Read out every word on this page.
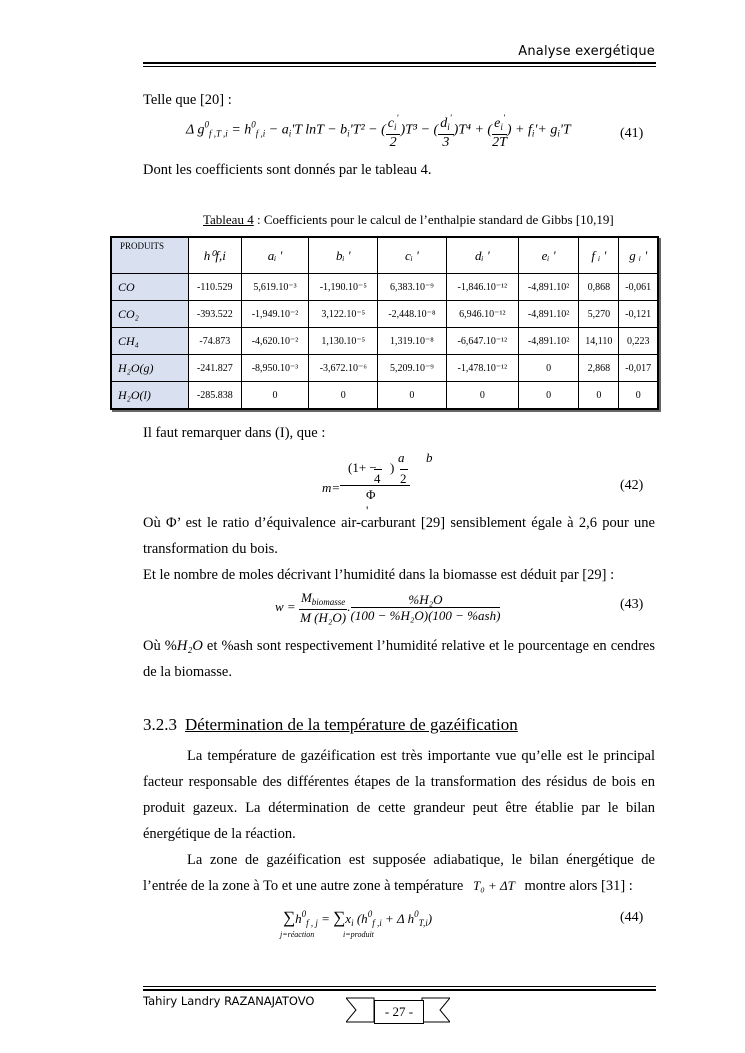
Analyse exergétique
Telle que [20] :
Δ $g^0_{f ,T ,i} = h^0_{f ,i} - a_i'T$ $\ln T - b_i'T^2$ − ( $\frac{c_i'}{2} )T^3$ − ( $\frac{d_i'}{3} )T^4$ + ( $\frac{e_i'}{2T}$ ) + $f_i'+ g_i'T$	(41)
Dont les coefficients sont donnés par le tableau 4.
Tableau 4 : Coefficients pour le calcul de l’enthalpie standard de Gibbs [10,19]
PRODUITS	h⁰f,i	aᵢ '	bᵢ '	cᵢ '	dᵢ '	eᵢ '	f ᵢ '	g ᵢ '
CO	-110.529	5,619.10⁻³	-1,190.10⁻⁵	6,383.10⁻⁹	-1,846.10⁻¹²	-4,891.10²	0,868	-0,061
CO₂	-393.522	-1,949.10⁻²	3,122.10⁻⁵	-2,448.10⁻⁸	6,946.10⁻¹²	-4,891.10²	5,270	-0,121
CH₄	-74.873	-4,620.10⁻²	1,130.10⁻⁵	1,319.10⁻⁸	-6,647.10⁻¹²	-4,891.10²	14,110	0,223
H₂O(g)	-241.827	-8,950.10⁻³	-3,672.10⁻⁶	5,209.10⁻⁹	-1,478.10⁻¹²	0	2,868	-0,017
H₂O(l)	-285.838	0	0	0	0	0	0	0
Il faut remarquer dans (I), que :
a b
(1+ − )
4 2
m= Φ '
(42)
Où Φ’ est le ratio d’équivalence air-carburant [29] sensiblement égale à 2,6 pour une transformation du bois.
Et le nombre de moles décrivant l’humidité dans la biomasse est déduit par [29] :
$w = \frac{M_{biomasse}}{\text{M (H₂O)}}$ . $\frac{\text{\%H₂O}}{\text{(100 − \%H₂O)(100 − \%ash)}}$	(43)
Où %H₂O et %ash sont respectivement l’humidité relative et le pourcentage en cendres de la biomasse.
3.2.3 Détermination de la température de gazéification
La température de gazéification est très importante vue qu’elle est le principal facteur responsable des différentes étapes de la transformation des résidus de bois en produit gazeux. La détermination de cette grandeur peut être établie par le bilan énergétique de la réaction.
La zone de gazéification est supposée adiabatique, le bilan énergétique de l’entrée de la zone à To et une autre zone à température T₀ + ΔT montre alors [31] :
$\sum h^0_{f , j} = \sum x_i$ ($h^0_{f ,i} + \Delta$ $h^0_{T,i}$)
j=réaction	i=produit
(44)
Tahiry Landry RAZANAJATOVO
- 27 -
